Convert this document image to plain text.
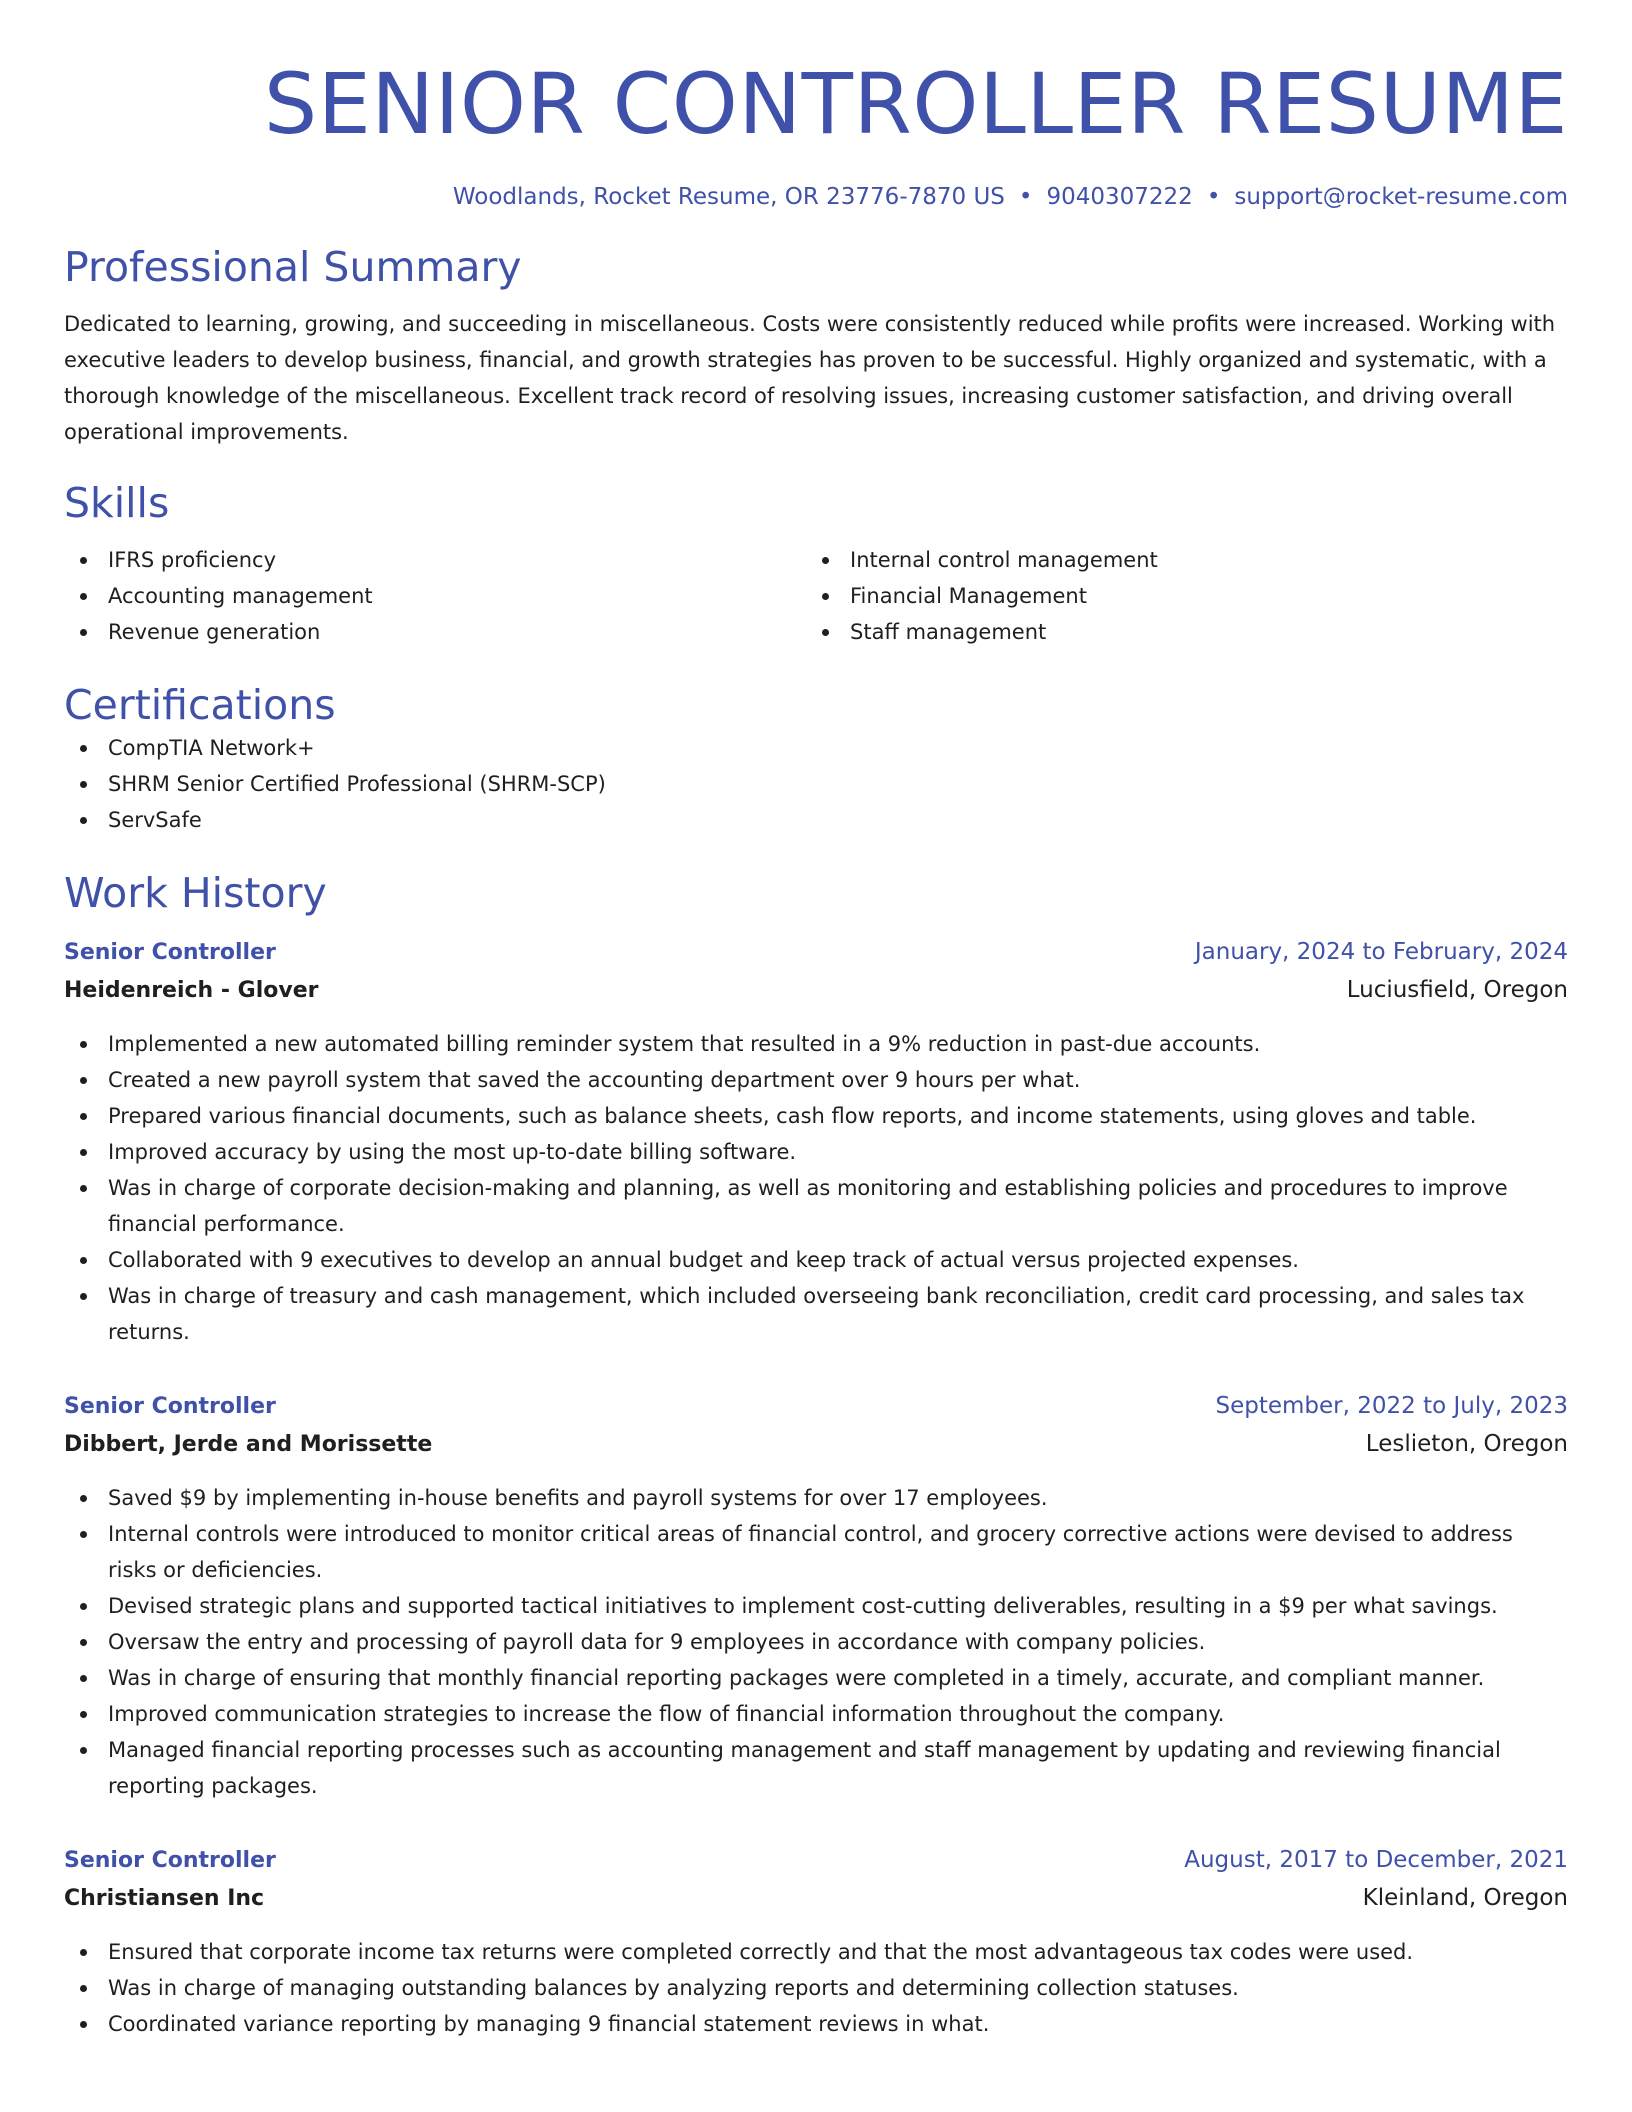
SENIOR CONTROLLER RESUME
Woodlands, Rocket Resume, OR 23776-7870 US • 9040307222 • support@rocket-resume.com
Professional Summary

Dedicated to learning, growing, and succeeding in miscellaneous. Costs were consistently reduced while profits were increased. Working with executive leaders to develop business, financial, and growth strategies has proven to be successful. Highly organized and systematic, with a thorough knowledge of the miscellaneous. Excellent track record of resolving issues, increasing customer satisfaction, and driving overall operational improvements.

Skills
IFRS proficiency
Accounting management
Revenue generation
Internal control management
Financial Management
Staff management
Certifications
CompTIA Network+
SHRM Senior Certified Professional (SHRM-SCP)
ServSafe
Work History
Senior Controller	January, 2024 to February, 2024
Heidenreich - Glover	Luciusfield, Oregon
Implemented a new automated billing reminder system that resulted in a 9% reduction in past-due accounts.
Created a new payroll system that saved the accounting department over 9 hours per what.
Prepared various financial documents, such as balance sheets, cash flow reports, and income statements, using gloves and table.
Improved accuracy by using the most up-to-date billing software.
Was in charge of corporate decision-making and planning, as well as monitoring and establishing policies and procedures to improve financial performance.
Collaborated with 9 executives to develop an annual budget and keep track of actual versus projected expenses.
Was in charge of treasury and cash management, which included overseeing bank reconciliation, credit card processing, and sales tax returns.
Senior Controller	September, 2022 to July, 2023
Dibbert, Jerde and Morissette	Leslieton, Oregon
Saved $9 by implementing in-house benefits and payroll systems for over 17 employees.
Internal controls were introduced to monitor critical areas of financial control, and grocery corrective actions were devised to address risks or deficiencies.
Devised strategic plans and supported tactical initiatives to implement cost-cutting deliverables, resulting in a $9 per what savings.
Oversaw the entry and processing of payroll data for 9 employees in accordance with company policies.
Was in charge of ensuring that monthly financial reporting packages were completed in a timely, accurate, and compliant manner.
Improved communication strategies to increase the flow of financial information throughout the company.
Managed financial reporting processes such as accounting management and staff management by updating and reviewing financial reporting packages.
Senior Controller	August, 2017 to December, 2021
Christiansen Inc	Kleinland, Oregon
Ensured that corporate income tax returns were completed correctly and that the most advantageous tax codes were used.
Was in charge of managing outstanding balances by analyzing reports and determining collection statuses.
Coordinated variance reporting by managing 9 financial statement reviews in what.
